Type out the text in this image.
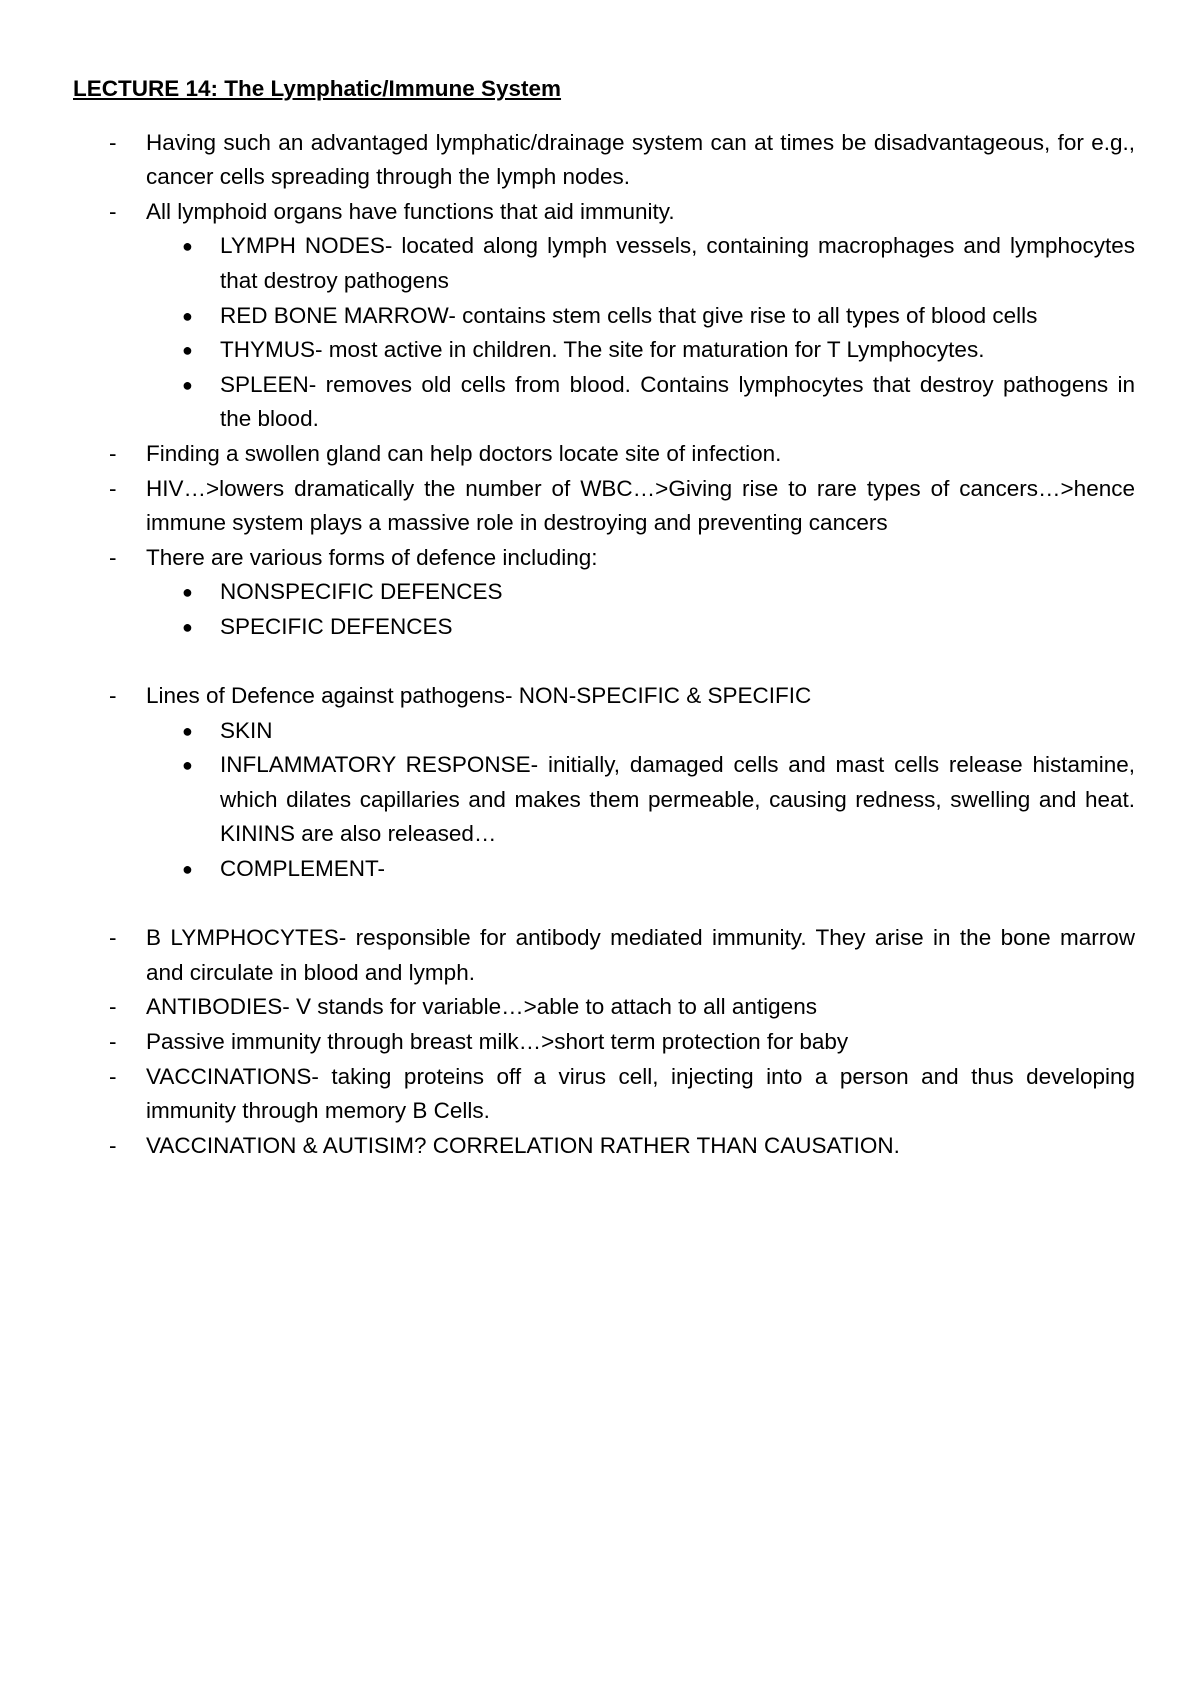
LECTURE 14: The Lymphatic/Immune System
- Having such an advantaged lymphatic/drainage system can at times be disadvantageous, for e.g., cancer cells spreading through the lymph nodes.
- All lymphoid organs have functions that aid immunity.
● LYMPH NODES- located along lymph vessels, containing macrophages and lymphocytes that destroy pathogens
● RED BONE MARROW- contains stem cells that give rise to all types of blood cells
● THYMUS- most active in children. The site for maturation for T Lymphocytes.
● SPLEEN- removes old cells from blood. Contains lymphocytes that destroy pathogens in the blood.
- Finding a swollen gland can help doctors locate site of infection.
- HIV…>lowers dramatically the number of WBC…>Giving rise to rare types of cancers…>hence immune system plays a massive role in destroying and preventing cancers
- There are various forms of defence including:
● NONSPECIFIC DEFENCES
● SPECIFIC DEFENCES
- Lines of Defence against pathogens- NON-SPECIFIC & SPECIFIC
● SKIN
● INFLAMMATORY RESPONSE- initially, damaged cells and mast cells release histamine, which dilates capillaries and makes them permeable, causing redness, swelling and heat. KININS are also released…
● COMPLEMENT-
- B LYMPHOCYTES- responsible for antibody mediated immunity. They arise in the bone marrow and circulate in blood and lymph.
- ANTIBODIES- V stands for variable…>able to attach to all antigens
- Passive immunity through breast milk…>short term protection for baby
- VACCINATIONS- taking proteins off a virus cell, injecting into a person and thus developing immunity through memory B Cells.
- VACCINATION & AUTISIM? CORRELATION RATHER THAN CAUSATION.
